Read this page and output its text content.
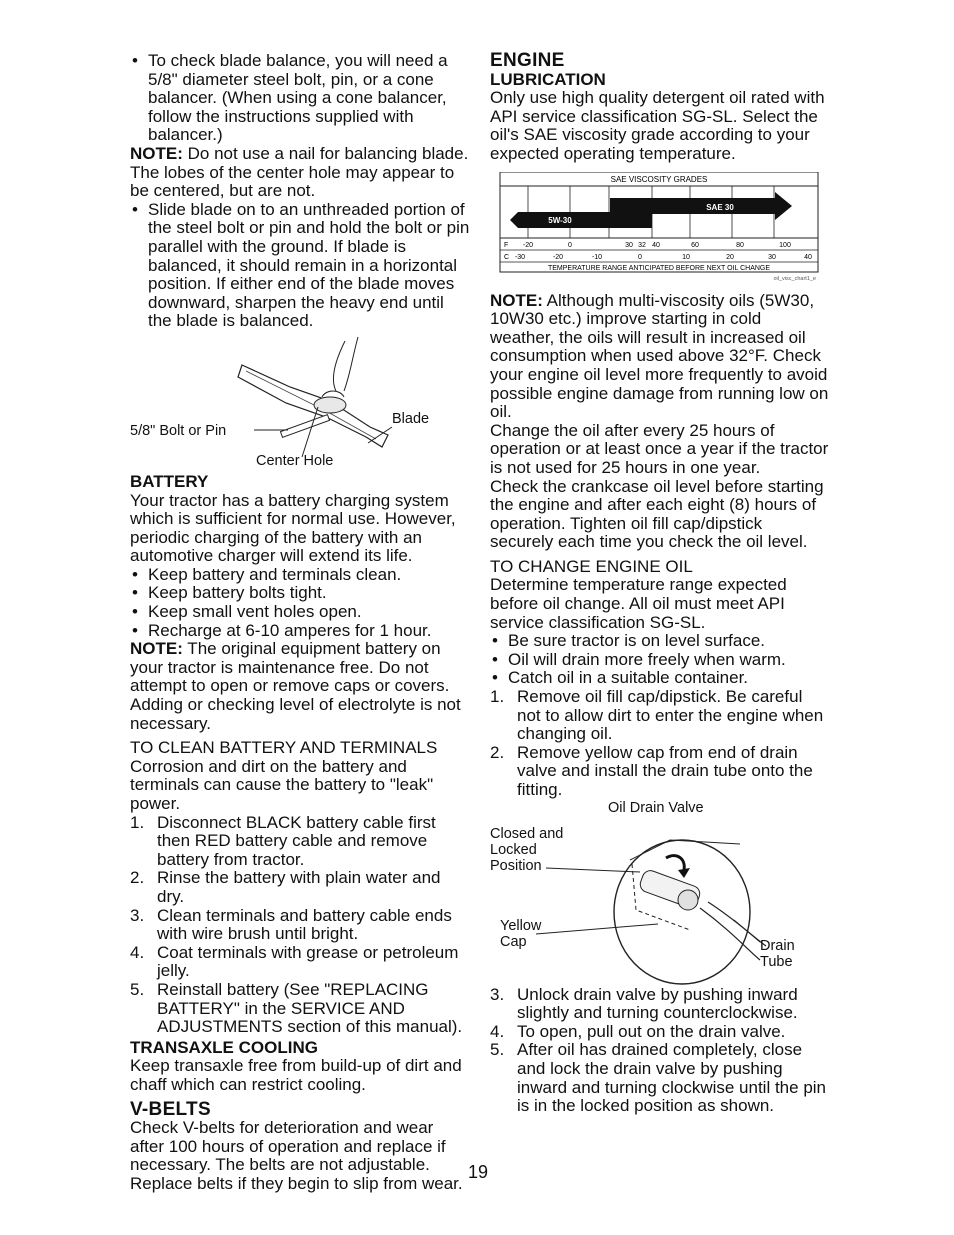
• To check blade balance, you will need a 5/8" diameter steel bolt, pin, or a cone balancer. (When using a cone balancer, follow the instructions supplied with balancer.)

NOTE: Do not use a nail for balancing blade. The lobes of the center hole may appear to be centered, but are not.

• Slide blade on to an unthreaded portion of the steel bolt or pin and hold the bolt or pin parallel with the ground. If blade is balanced, it should remain in a horizontal position. If either end of the blade moves downward, sharpen the heavy end until the blade is balanced.
5/8" Bolt or Pin
Blade
Center Hole

BATTERY

Your tractor has a battery charging system which is sufficient for normal use. However, periodic charging of the battery with an automotive charger will extend its life.

• Keep battery and terminals clean.
• Keep battery bolts tight.
• Keep small vent holes open.
• Recharge at 6-10 amperes for 1 hour.

NOTE: The original equipment battery on your tractor is maintenance free. Do not attempt to open or remove caps or covers. Adding or checking level of electrolyte is not necessary.

TO CLEAN BATTERY AND TERMINALS

Corrosion and dirt on the battery and terminals can cause the battery to "leak" power.

1. Disconnect BLACK battery cable first then RED battery cable and remove battery from tractor.
2. Rinse the battery with plain water and dry.
3. Clean terminals and battery cable ends with wire brush until bright.
4. Coat terminals with grease or petroleum jelly.
5. Reinstall battery (See "REPLACING BATTERY" in the SERVICE AND ADJUSTMENTS section of this manual).

TRANSAXLE COOLING

Keep transaxle free from build-up of dirt and chaff which can restrict cooling.

V-BELTS

Check V-belts for deterioration and wear after 100 hours of operation and replace if necessary. The belts are not adjustable. Replace belts if they begin to slip from wear.

ENGINE

LUBRICATION

Only use high quality detergent oil rated with API service classification SG-SL. Select the oil's SAE viscosity grade according to your expected operating temperature.

SAE VISCOSITY GRADES
SAE 30
5W-30
F -20	0	30 32 40	60	80	100
C -30	-20	-10	0	10	20	30	40
TEMPERATURE RANGE ANTICIPATED BEFORE NEXT OIL CHANGE
oil_visc_chart1_e

NOTE: Although multi-viscosity oils (5W30, 10W30 etc.) improve starting in cold weather, the oils will result in increased oil consumption when used above 32°F. Check your engine oil level more frequently to avoid possible engine damage from running low on oil.

Change the oil after every 25 hours of operation or at least once a year if the tractor is not used for 25 hours in one year.

Check the crankcase oil level before starting the engine and after each eight (8) hours of operation. Tighten oil fill cap/dipstick securely each time you check the oil level.

TO CHANGE ENGINE OIL

Determine temperature range expected before oil change. All oil must meet API service classification SG-SL.

• Be sure tractor is on level surface.
• Oil will drain more freely when warm.
• Catch oil in a suitable container.
1. Remove oil fill cap/dipstick. Be careful not to allow dirt to enter the engine when changing oil.
2. Remove yellow cap from end of drain valve and install the drain tube onto the fitting.
Oil Drain Valve
Closed and Locked Position
Yellow Cap	Drain Tube
3. Unlock drain valve by pushing inward slightly and turning counterclockwise.
4. To open, pull out on the drain valve.
5. After oil has drained completely, close and lock the drain valve by pushing inward and turning clockwise until the pin is in the locked position as shown.
19
